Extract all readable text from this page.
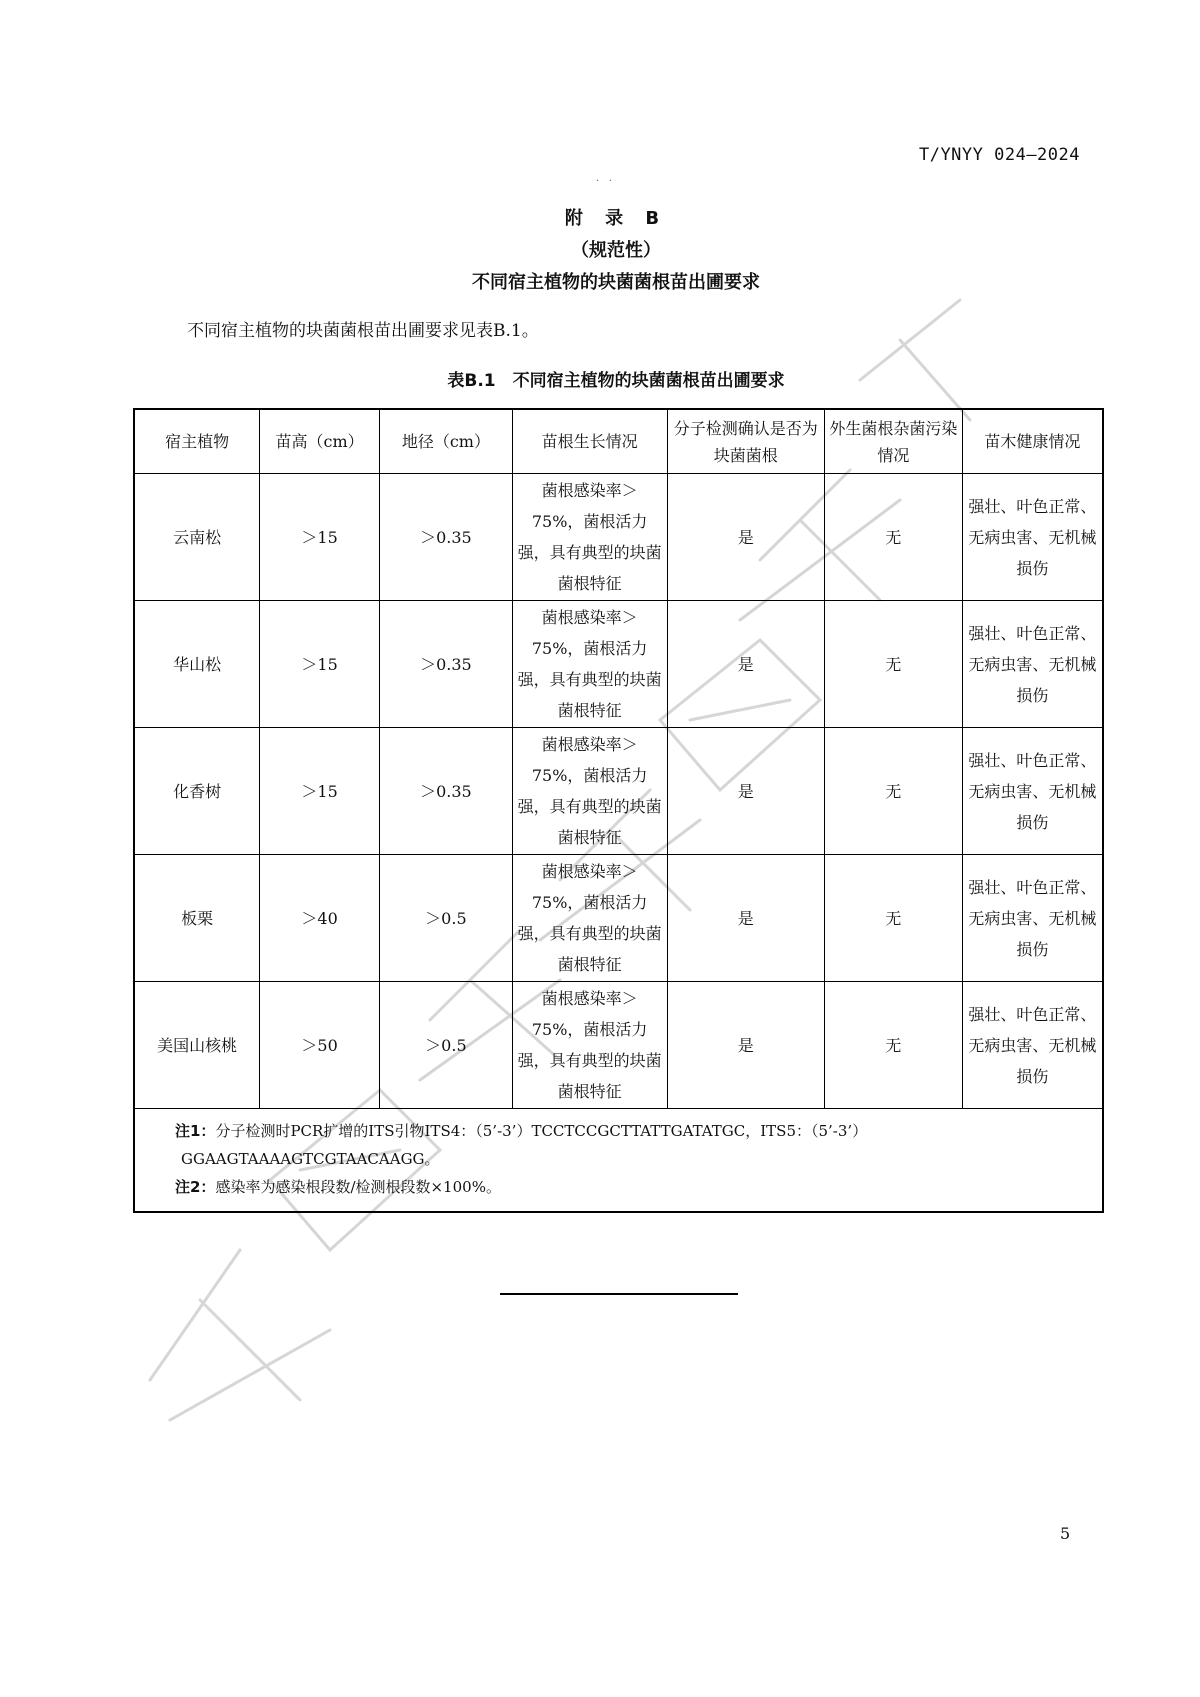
T/YNYY 024—2024
·   ·
附 录 B
（规范性）
不同宿主植物的块菌菌根苗出圃要求
不同宿主植物的块菌菌根苗出圃要求见表B.1。
表B.1　不同宿主植物的块菌菌根苗出圃要求
宿主植物	苗高（cm）	地径（cm）	苗根生长情况	分子检测确认是否为块菌菌根	外生菌根杂菌污染情况	苗木健康情况
云南松	＞15	＞0.35	菌根感染率＞75%，菌根活力强，具有典型的块菌菌根特征	是	无	强壮、叶色正常、无病虫害、无机械损伤
华山松	＞15	＞0.35	菌根感染率＞75%，菌根活力强，具有典型的块菌菌根特征	是	无	强壮、叶色正常、无病虫害、无机械损伤
化香树	＞15	＞0.35	菌根感染率＞75%，菌根活力强，具有典型的块菌菌根特征	是	无	强壮、叶色正常、无病虫害、无机械损伤
板栗	＞40	＞0.5	菌根感染率＞75%，菌根活力强，具有典型的块菌菌根特征	是	无	强壮、叶色正常、无病虫害、无机械损伤
美国山核桃	＞50	＞0.5	菌根感染率＞75%，菌根活力强，具有典型的块菌菌根特征	是	无	强壮、叶色正常、无病虫害、无机械损伤

注1：分子检测时PCR扩增的ITS引物ITS4：（5’-3’）TCCTCCGCTTATTGATATGC，ITS5：（5’-3’）GGAAGTAAAAGTCGTAACAAGG。
注2：感染率为感染根段数/检测根段数×100%。						
5
